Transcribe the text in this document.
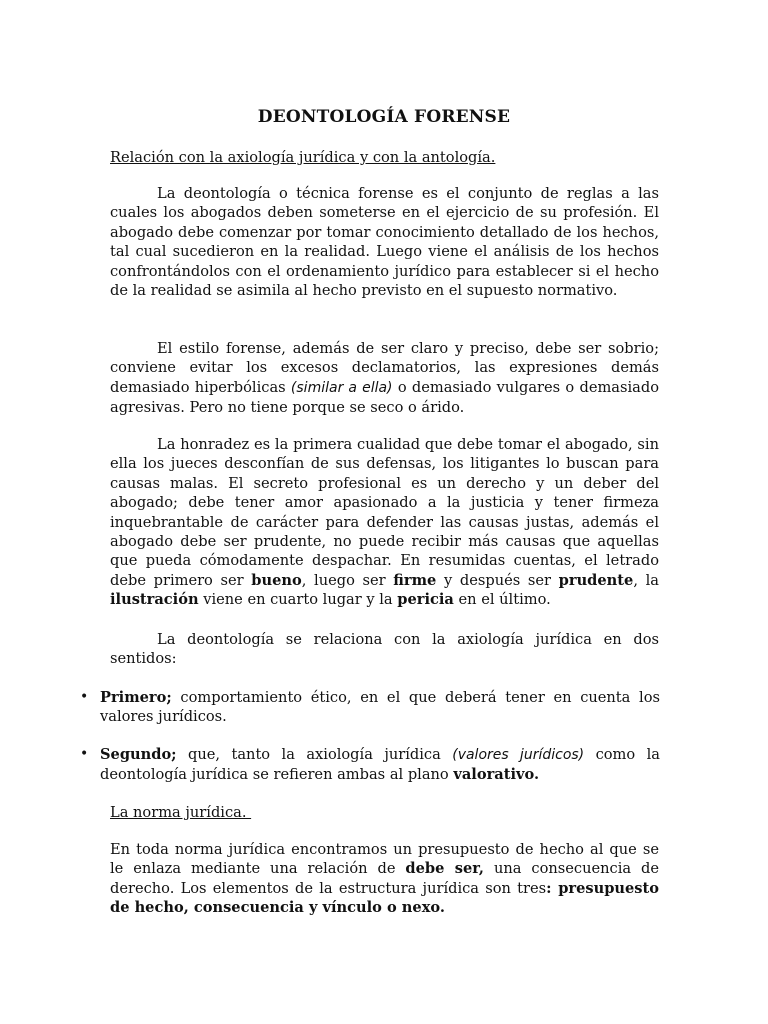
DEONTOLOGÍA FORENSE

Relación con la axiología jurídica y con la antología.

La deontología o técnica forense es el conjunto de reglas a las cuales los abogados deben someterse en el ejercicio de su profesión. El abogado debe comenzar por tomar conocimiento detallado de los hechos, tal cual sucedieron en la realidad. Luego viene el análisis de los hechos confrontándolos con el ordenamiento jurídico para establecer si el hecho de la realidad se asimila al hecho previsto en el supuesto normativo.

El estilo forense, además de ser claro y preciso, debe ser sobrio; conviene evitar los excesos declamatorios, las expresiones demás demasiado hiperbólicas (similar a ella) o demasiado vulgares o demasiado agresivas. Pero no tiene porque se seco o árido.

La honradez es la primera cualidad que debe tomar el abogado, sin ella los jueces desconfían de sus defensas, los litigantes lo buscan para causas malas. El secreto profesional es un derecho y un deber del abogado; debe tener amor apasionado a la justicia y tener firmeza inquebrantable de carácter para defender las causas justas, además el abogado debe ser prudente, no puede recibir más causas que aquellas que pueda cómodamente despachar. En resumidas cuentas, el letrado debe primero ser bueno, luego ser firme y después ser prudente, la ilustración viene en cuarto lugar y la pericia en el último.

La deontología se relaciona con la axiología jurídica en dos sentidos:

• Primero; comportamiento ético, en el que deberá tener en cuenta los valores jurídicos.
• Segundo; que, tanto la axiología jurídica (valores jurídicos) como la deontología jurídica se refieren ambas al plano valorativo.

La norma jurídica.

En toda norma jurídica encontramos un presupuesto de hecho al que se le enlaza mediante una relación de debe ser, una consecuencia de derecho. Los elementos de la estructura jurídica son tres: presupuesto de hecho, consecuencia y vínculo o nexo.
